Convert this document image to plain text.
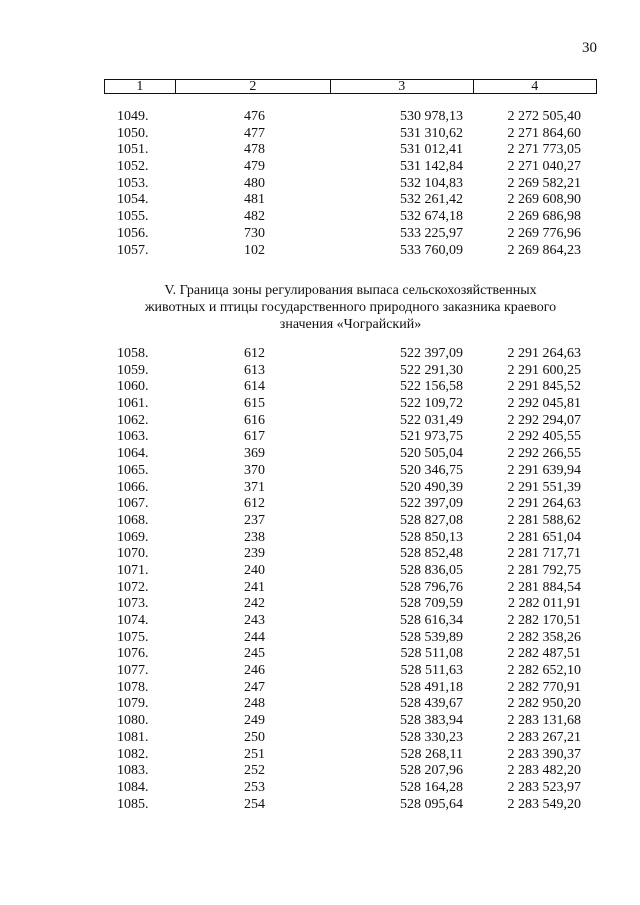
30
1	2	3	4
1049.	476	530 978,13	2 272 505,40
1050.	477	531 310,62	2 271 864,60
1051.	478	531 012,41	2 271 773,05
1052.	479	531 142,84	2 271 040,27
1053.	480	532 104,83	2 269 582,21
1054.	481	532 261,42	2 269 608,90
1055.	482	532 674,18	2 269 686,98
1056.	730	533 225,97	2 269 776,96
1057.	102	533 760,09	2 269 864,23
V. Граница зоны регулирования выпаса сельскохозяйственных
животных и птицы государственного природного заказника краевого
значения «Чограйский»
1058.	612	522 397,09	2 291 264,63
1059.	613	522 291,30	2 291 600,25
1060.	614	522 156,58	2 291 845,52
1061.	615	522 109,72	2 292 045,81
1062.	616	522 031,49	2 292 294,07
1063.	617	521 973,75	2 292 405,55
1064.	369	520 505,04	2 292 266,55
1065.	370	520 346,75	2 291 639,94
1066.	371	520 490,39	2 291 551,39
1067.	612	522 397,09	2 291 264,63
1068.	237	528 827,08	2 281 588,62
1069.	238	528 850,13	2 281 651,04
1070.	239	528 852,48	2 281 717,71
1071.	240	528 836,05	2 281 792,75
1072.	241	528 796,76	2 281 884,54
1073.	242	528 709,59	2 282 011,91
1074.	243	528 616,34	2 282 170,51
1075.	244	528 539,89	2 282 358,26
1076.	245	528 511,08	2 282 487,51
1077.	246	528 511,63	2 282 652,10
1078.	247	528 491,18	2 282 770,91
1079.	248	528 439,67	2 282 950,20
1080.	249	528 383,94	2 283 131,68
1081.	250	528 330,23	2 283 267,21
1082.	251	528 268,11	2 283 390,37
1083.	252	528 207,96	2 283 482,20
1084.	253	528 164,28	2 283 523,97
1085.	254	528 095,64	2 283 549,20
